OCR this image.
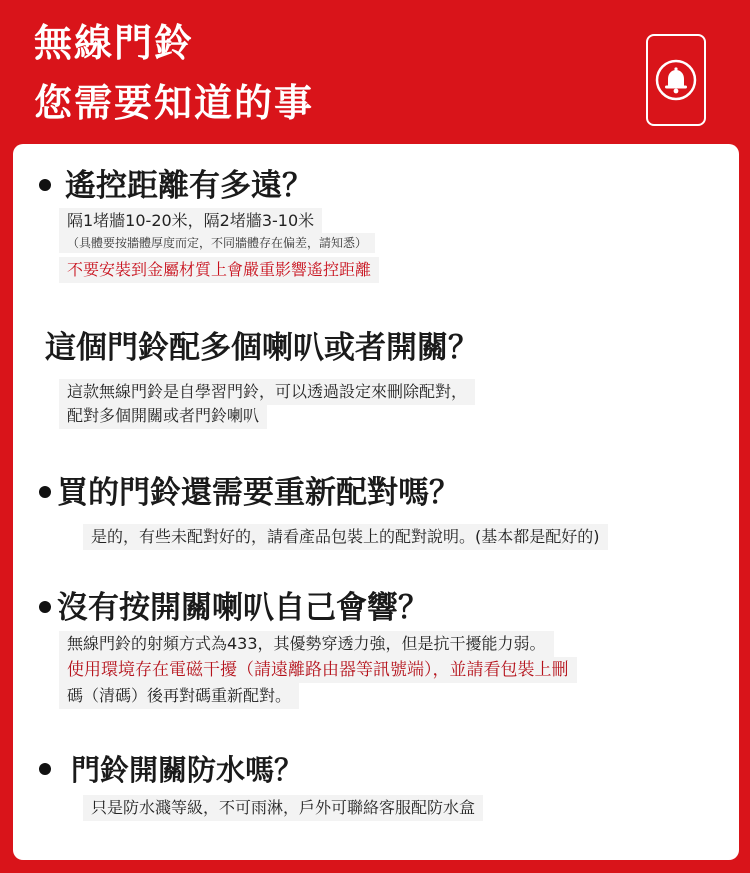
無線門鈴
您需要知道的事
遙控距離有多遠？
隔1堵牆10-20米，隔2堵牆3-10米
（具體要按牆體厚度而定，不同牆體存在偏差，請知悉）
不要安裝到金屬材質上會嚴重影響遙控距離
這個門鈴配多個喇叭或者開關？
這款無線門鈴是自學習門鈴，可以透過設定來刪除配對，
配對多個開關或者門鈴喇叭
買的門鈴還需要重新配對嗎？
是的，有些未配對好的，請看產品包裝上的配對說明。(基本都是配好的)
沒有按開關喇叭自己會響？
無線門鈴的射頻方式為433，其優勢穿透力強，但是抗干擾能力弱。
使用環境存在電磁干擾（請遠離路由器等訊號端），並請看包裝上刪
碼（清碼）後再對碼重新配對。
門鈴開關防水嗎？
只是防水濺等級，不可雨淋，戶外可聯絡客服配防水盒
